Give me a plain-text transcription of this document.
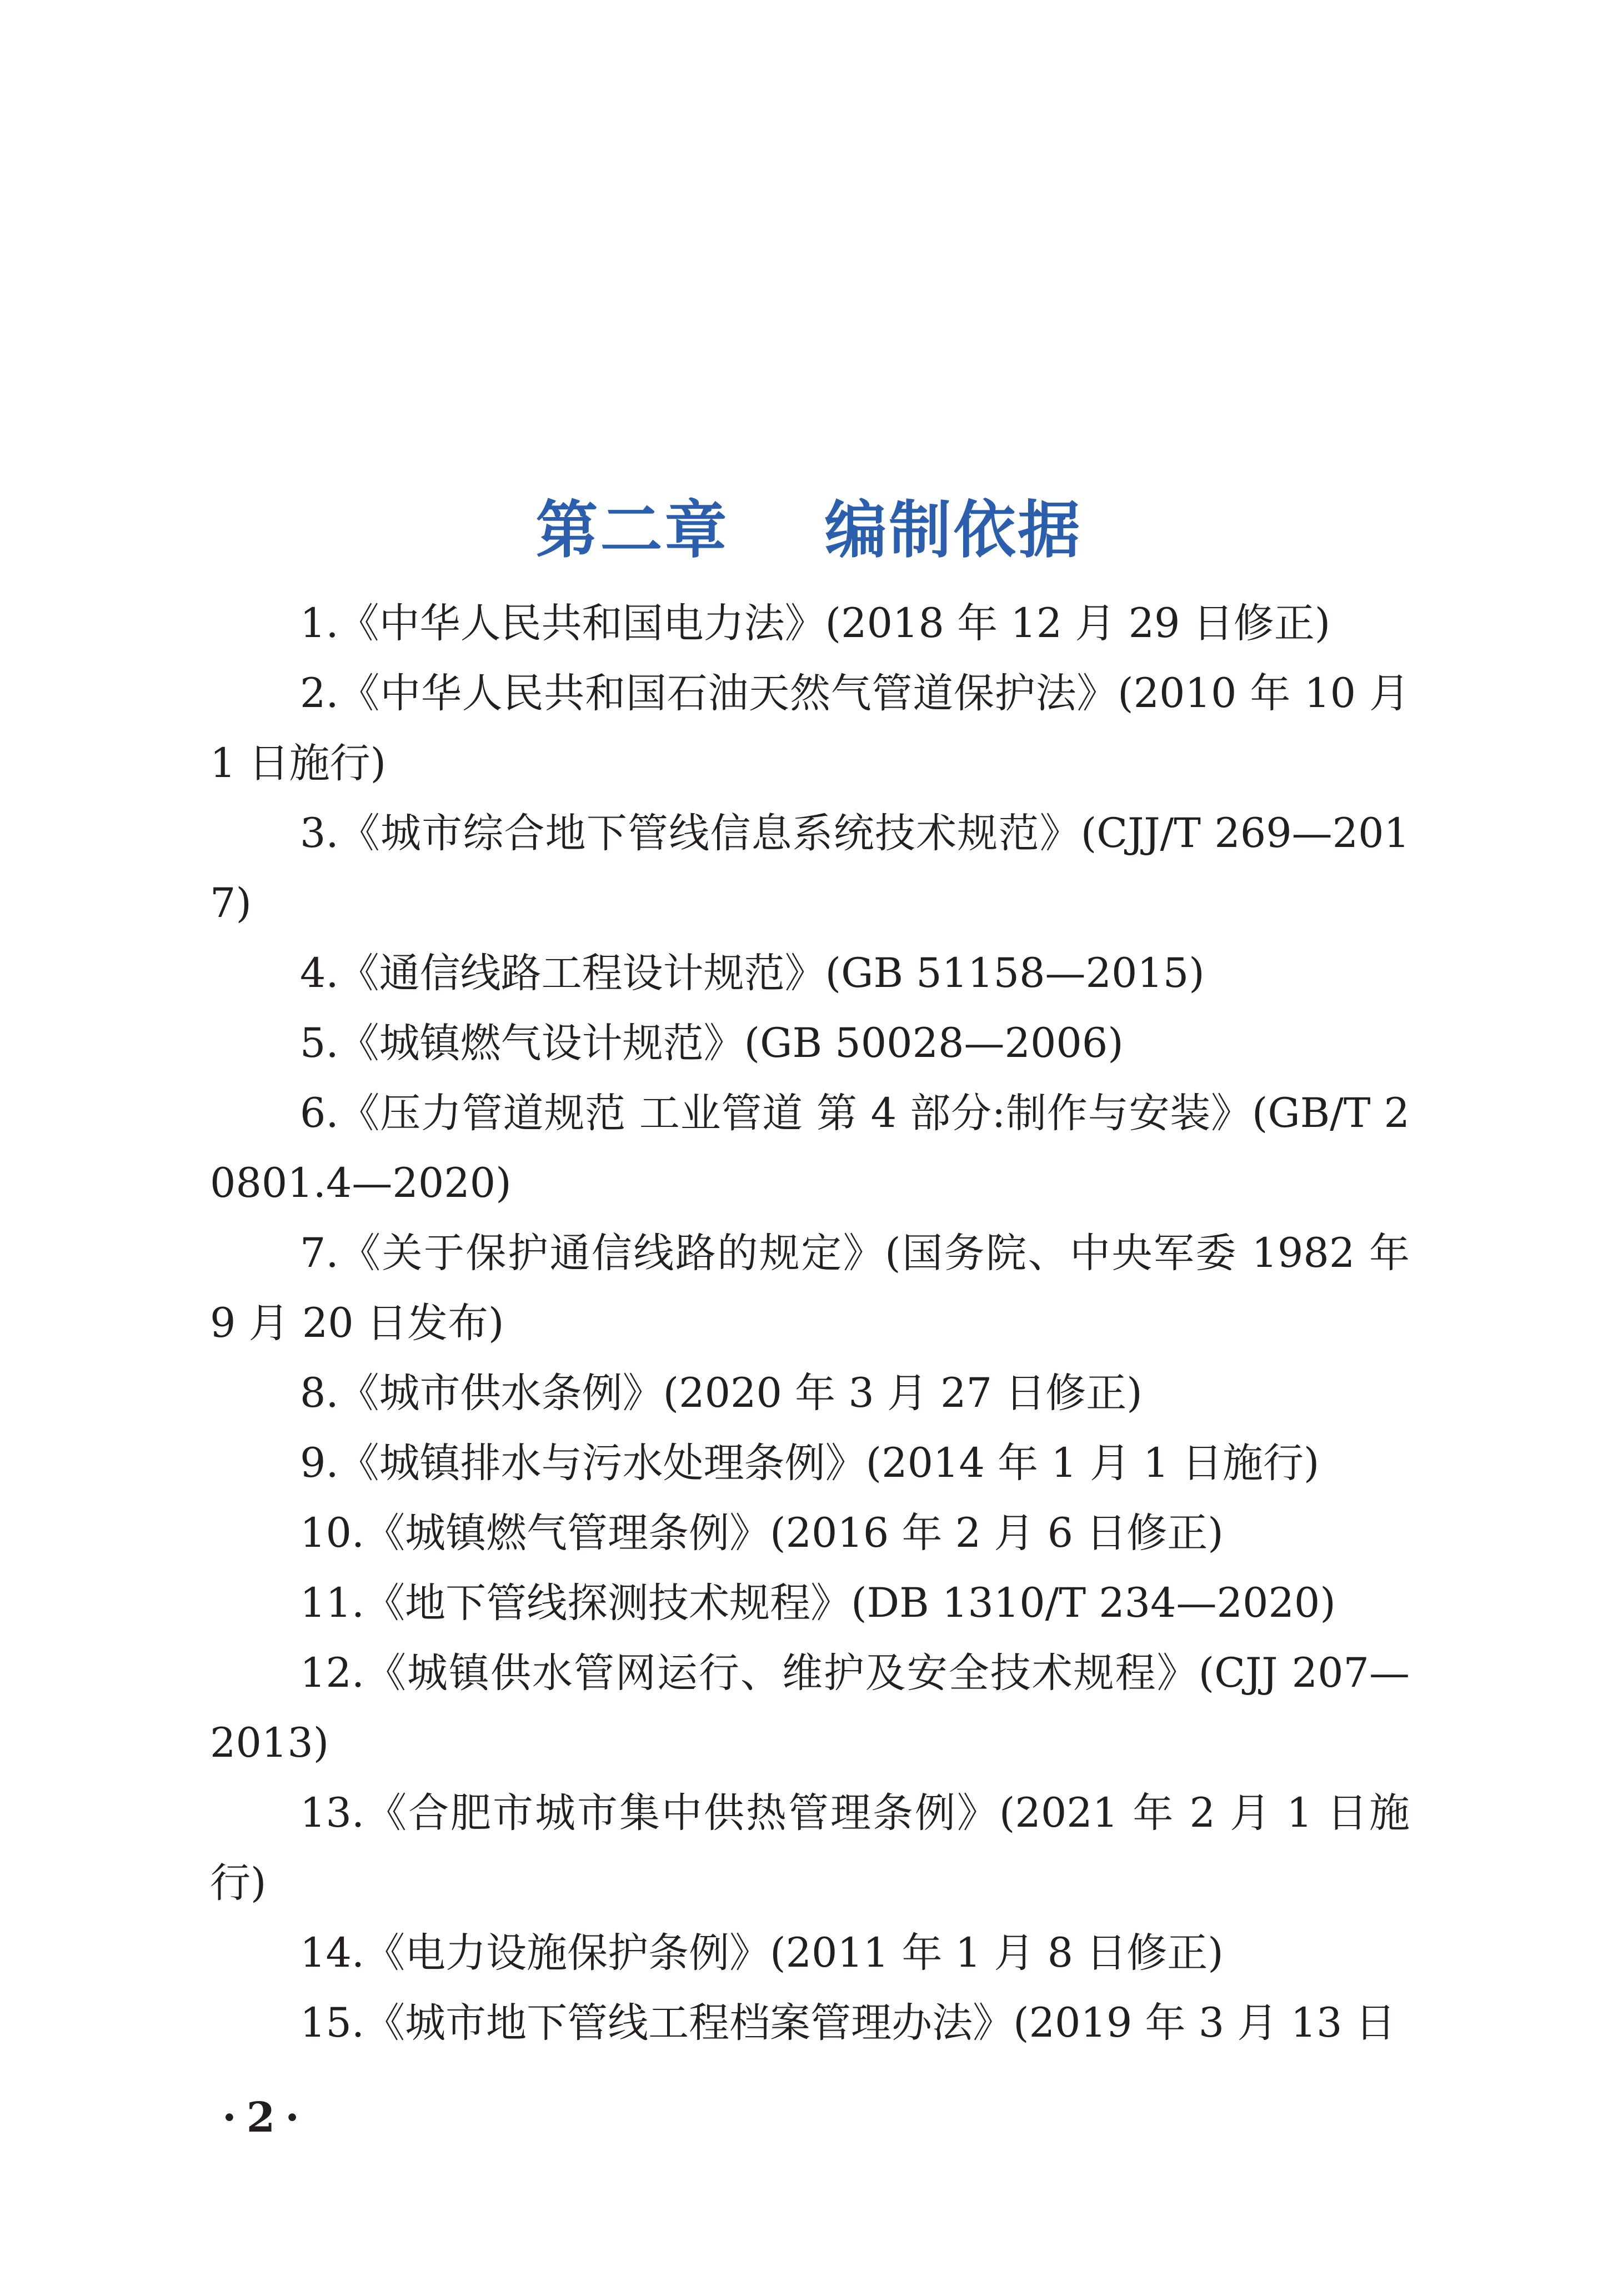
第二章    编制依据

1.《中华人民共和国电力法》(2018 年 12 月 29 日修正)

2.《中华人民共和国石油天然气管道保护法》(2010 年 10 月 1 日施行)

3.《城市综合地下管线信息系统技术规范》(CJJ/T 269—2017)

4.《通信线路工程设计规范》(GB 51158—2015)

5.《城镇燃气设计规范》(GB 50028—2006)

6.《压力管道规范 工业管道 第 4 部分:制作与安装》(GB/T 20801.4—2020)

7.《关于保护通信线路的规定》(国务院、中央军委 1982 年 9 月 20 日发布)

8.《城市供水条例》(2020 年 3 月 27 日修正)

9.《城镇排水与污水处理条例》(2014 年 1 月 1 日施行)

10.《城镇燃气管理条例》(2016 年 2 月 6 日修正)

11.《地下管线探测技术规程》(DB 1310/T 234—2020)

12.《城镇供水管网运行、维护及安全技术规程》(CJJ 207—2013)

13.《合肥市城市集中供热管理条例》(2021 年 2 月 1 日施行)

14.《电力设施保护条例》(2011 年 1 月 8 日修正)

15.《城市地下管线工程档案管理办法》(2019 年 3 月 13 日

·2·
